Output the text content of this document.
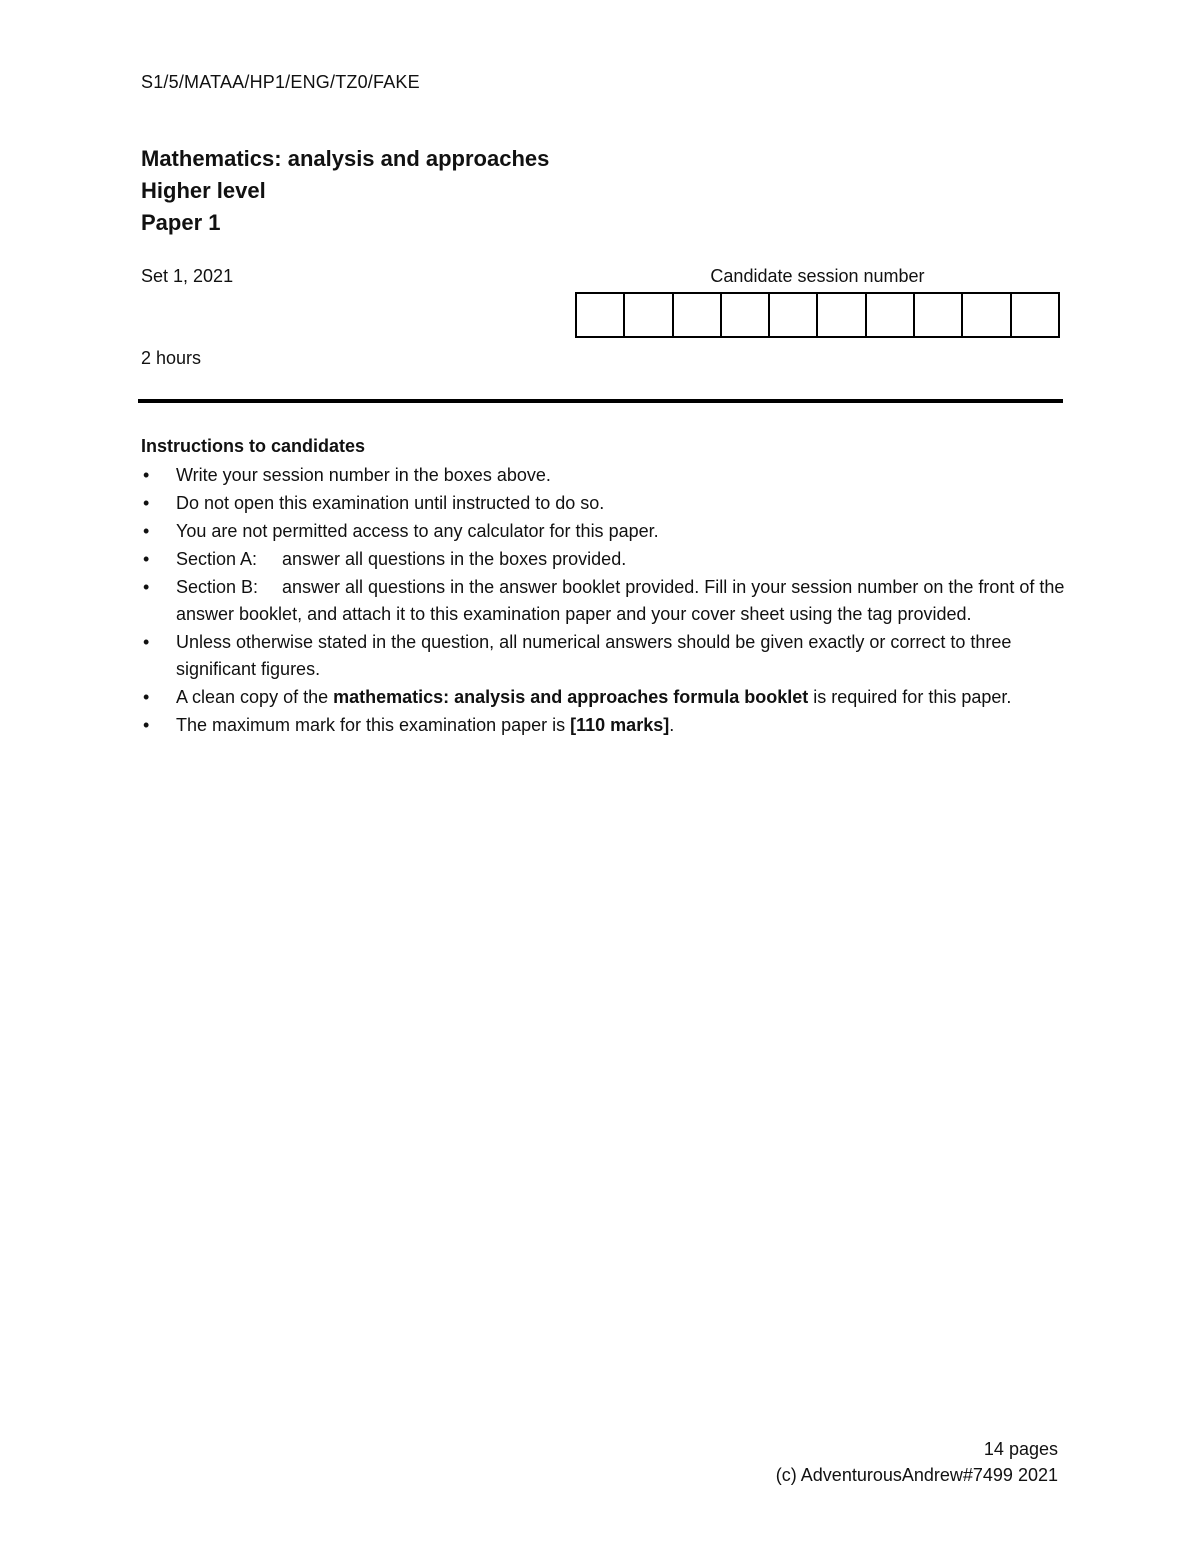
S1/5/MATAA/HP1/ENG/TZ0/FAKE
Mathematics: analysis and approaches
Higher level
Paper 1
Set 1, 2021
2 hours
Candidate session number
Instructions to candidates
• Write your session number in the boxes above.
• Do not open this examination until instructed to do so.
• You are not permitted access to any calculator for this paper.
• Section A: answer all questions in the boxes provided.
• Section B: answer all questions in the answer booklet provided. Fill in your session number on the front of the answer booklet, and attach it to this examination paper and your cover sheet using the tag provided.
• Unless otherwise stated in the question, all numerical answers should be given exactly or correct to three significant figures.
• A clean copy of the mathematics: analysis and approaches formula booklet is required for this paper.
• The maximum mark for this examination paper is [110 marks].
14 pages
(c) AdventurousAndrew#7499 2021
